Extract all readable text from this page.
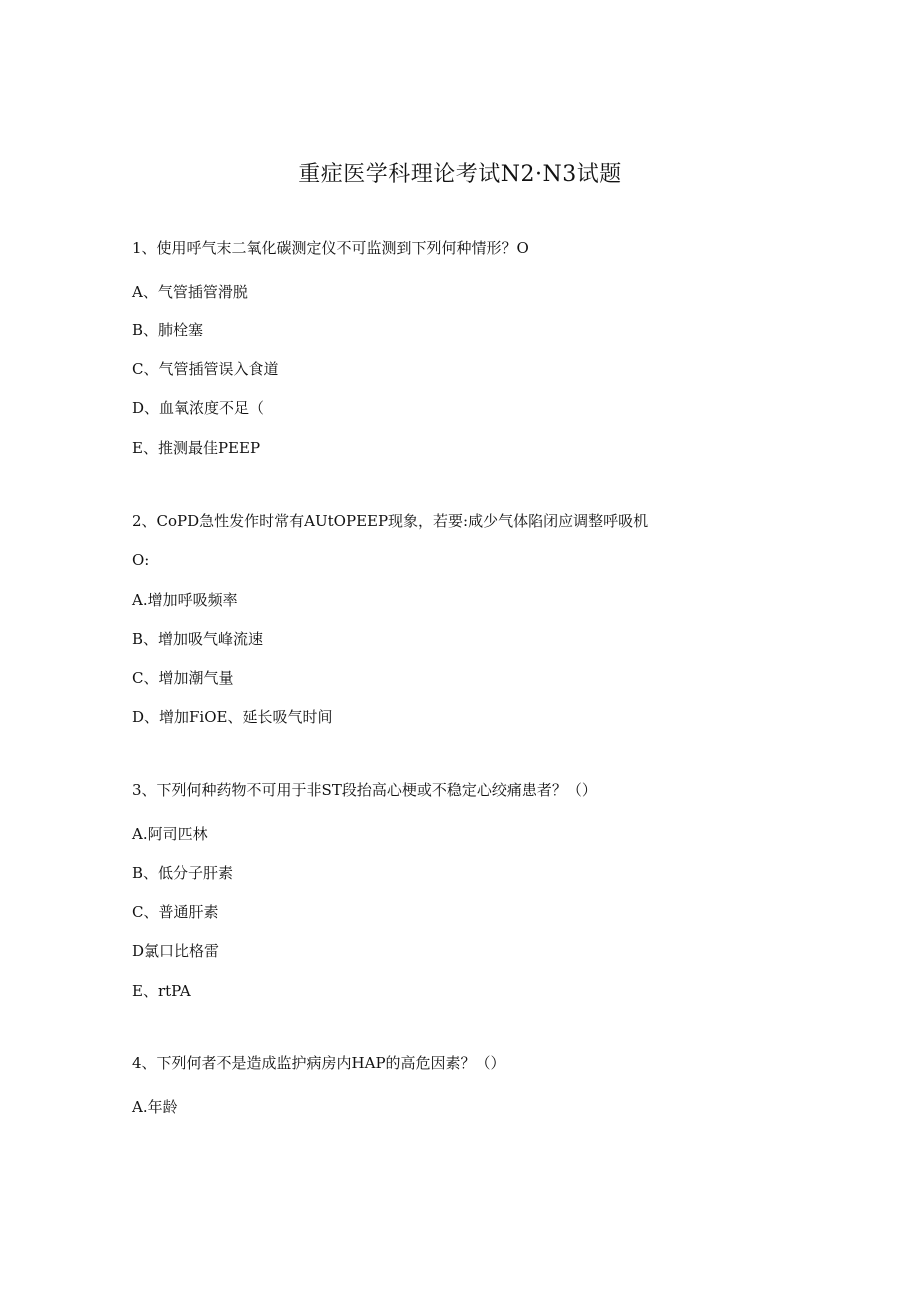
重症医学科理论考试N2·N3试题
1、使用呼气末二氧化碳测定仪不可监测到下列何种情形？O
A、气管插管滑脱
B、肺栓塞
C、气管插管误入食道
D、血氧浓度不足（
E、推测最佳PEEP
2、CoPD急性发作时常有AUtOPEEP现象，若要:咸少气体陷闭应调整呼吸机
O:
A.增加呼吸频率
B、增加吸气峰流速
C、增加潮气量
D、增加FiOE、延长吸气时间
3、下列何种药物不可用于非ST段抬高心梗或不稳定心绞痛患者？（）
A.阿司匹林
B、低分子肝素
C、普通肝素
D氯口比格雷
E、rtPA
4、下列何者不是造成监护病房内HAP的高危因素？（）
A.年龄
